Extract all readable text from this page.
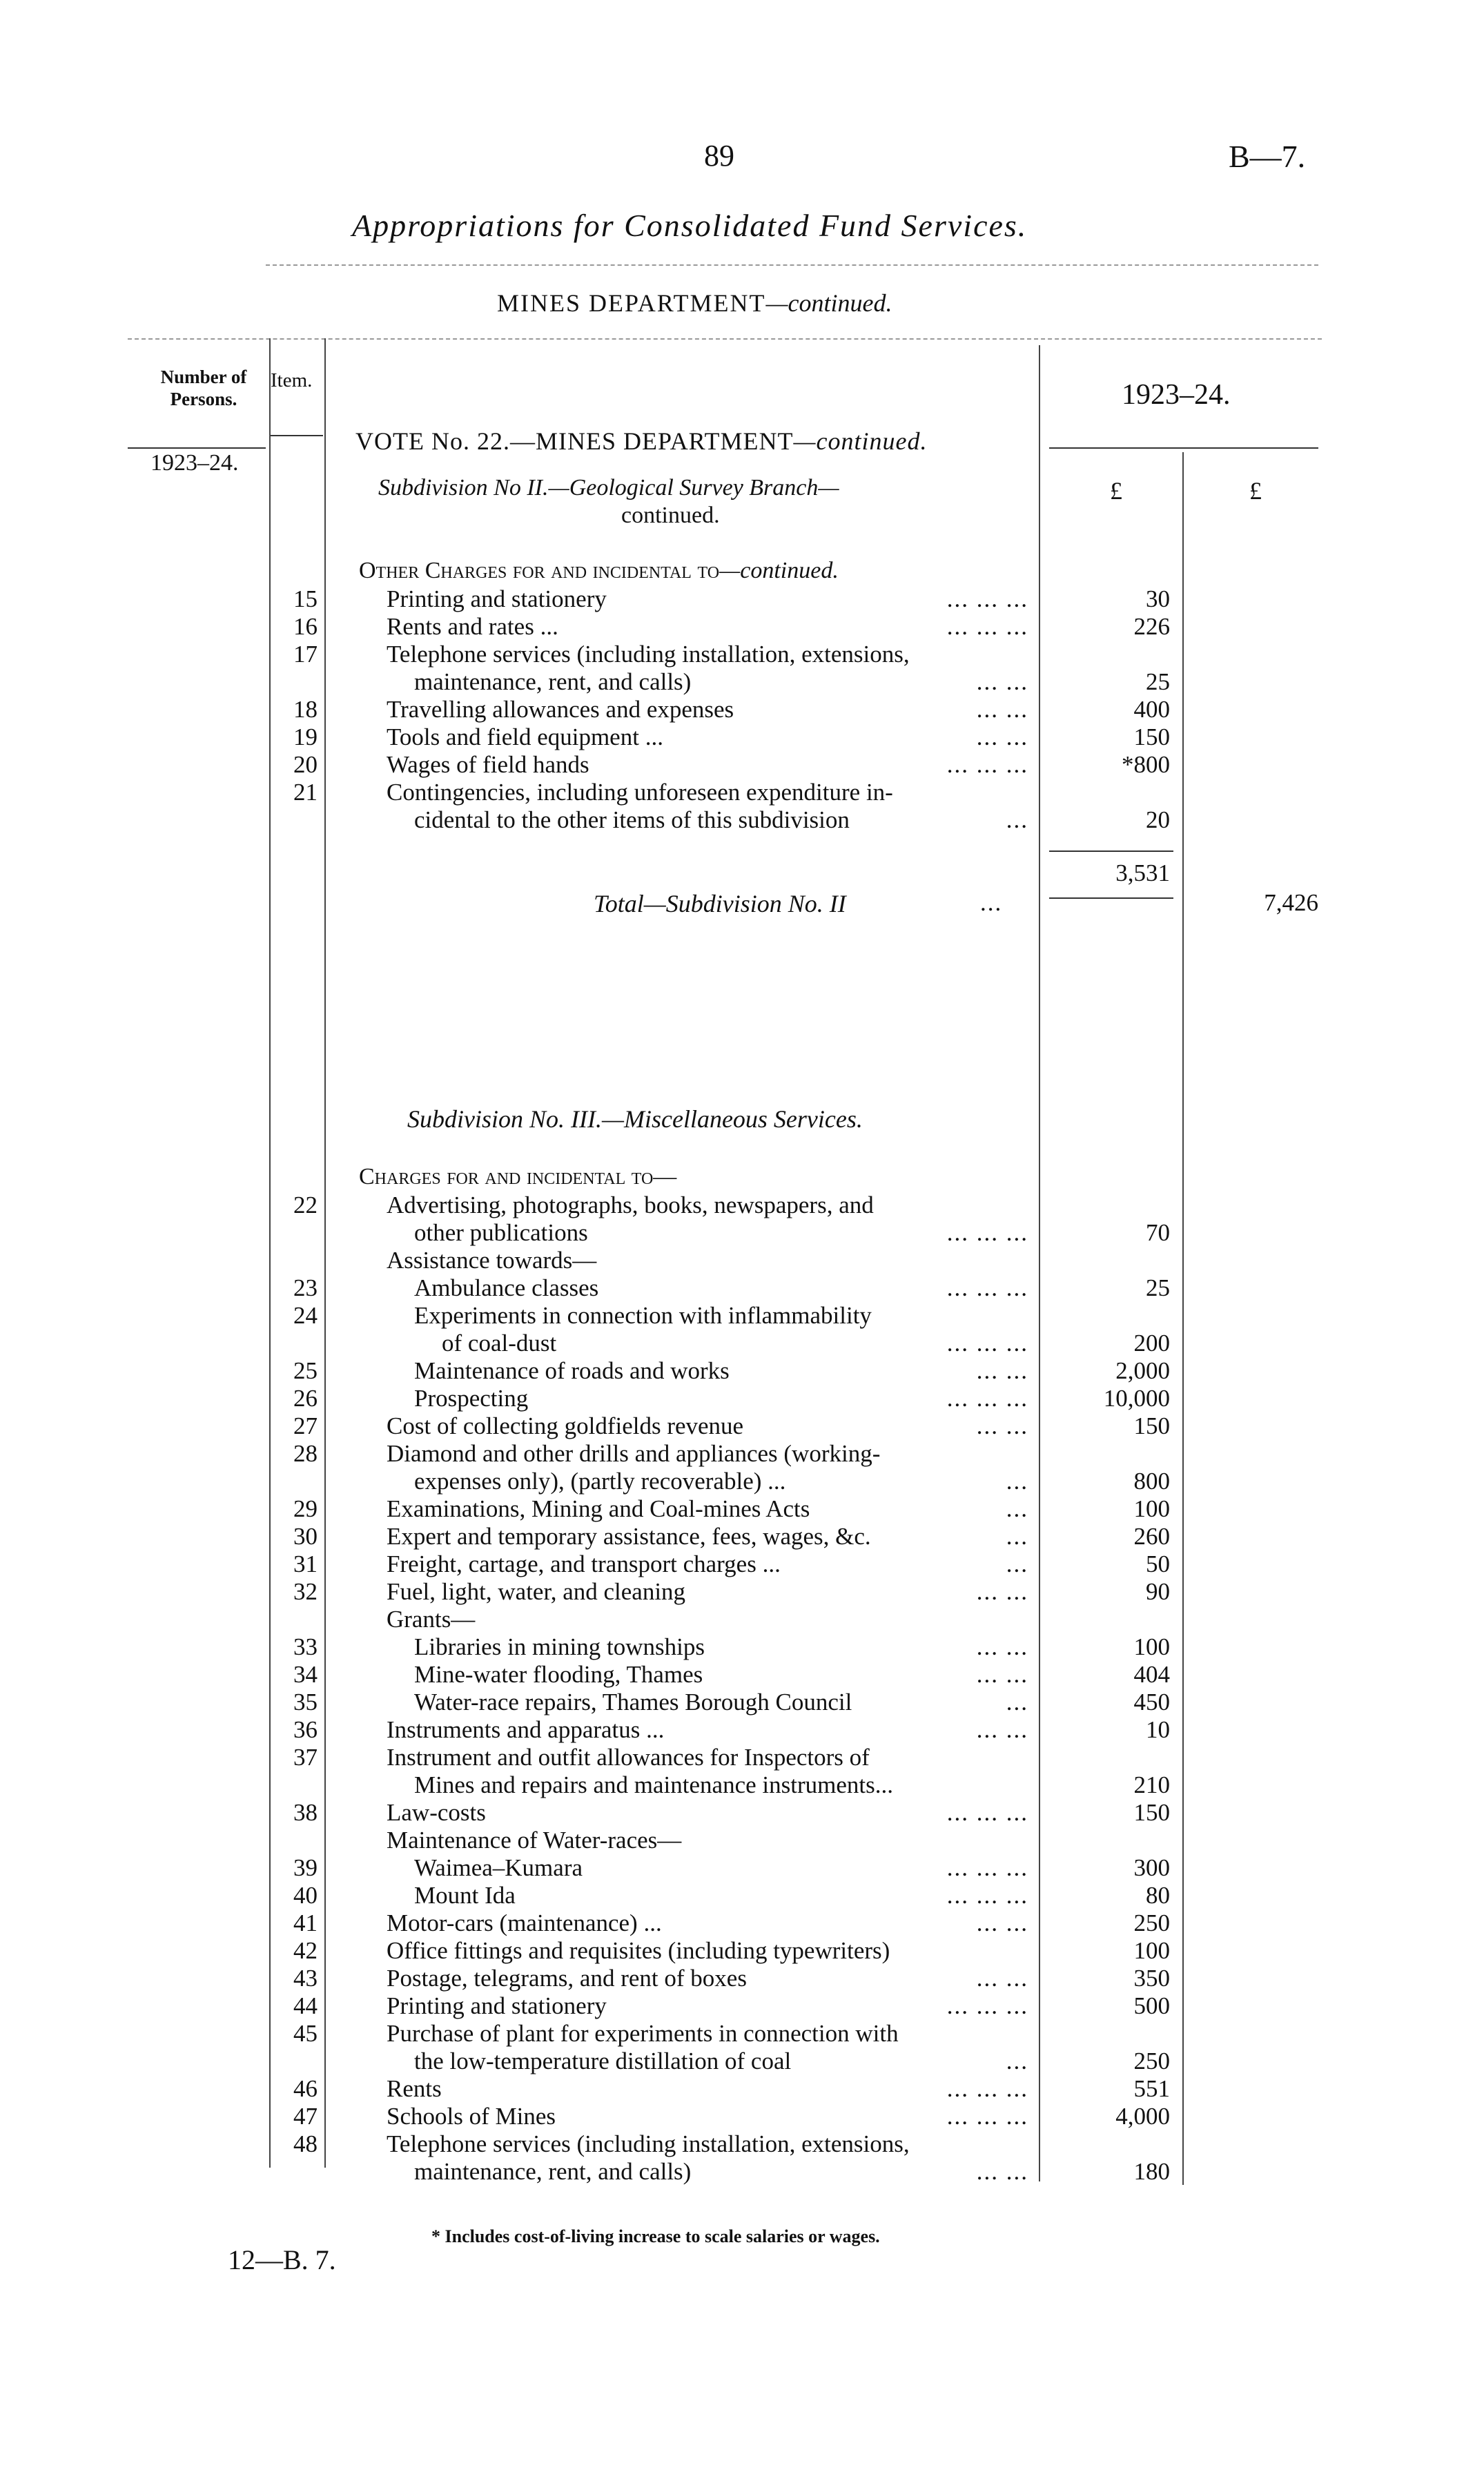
89	B—7.
Appropriations for Consolidated Fund Services.
MINES DEPARTMENT—continued.
Number of Persons.
Item.	1923–24.
1923–24.
VOTE No. 22.—MINES DEPARTMENT—continued.
Subdivision No II.—Geological Survey Branch—
continued.
£	£
Other Charges for and incidental to—continued.
15	Printing and stationery	... ... ...	30
16	Rents and rates ...	... ... ...	226
17	Telephone services (including installation, extensions,
maintenance, rent, and calls)	... ...	25
18	Travelling allowances and expenses	... ...	400
19	Tools and field equipment ...	... ...	150
20	Wages of field hands	... ... ...	*800
21	Contingencies, including unforeseen expenditure in-
cidental to the other items of this subdivision	...	20
3,531
Total—Subdivision No. II	...	7,426
Subdivision No. III.—Miscellaneous Services.
Charges for and incidental to—
22	Advertising, photographs, books, newspapers, and
other publications	... ... ...	70
Assistance towards—
23	Ambulance classes	... ... ...	25
24	Experiments in connection with inflammability
of coal-dust	... ... ...	200
25	Maintenance of roads and works	... ...	2,000
26	Prospecting	... ... ...	10,000
27	Cost of collecting goldfields revenue	... ...	150
28	Diamond and other drills and appliances (working-
expenses only), (partly recoverable) ...	...	800
29	Examinations, Mining and Coal-mines Acts	...	100
30	Expert and temporary assistance, fees, wages, &c.	...	260
31	Freight, cartage, and transport charges ...	...	50
32	Fuel, light, water, and cleaning	... ...	90
Grants—
33	Libraries in mining townships	... ...	100
34	Mine-water flooding, Thames	... ...	404
35	Water-race repairs, Thames Borough Council	...	450
36	Instruments and apparatus ...	... ...	10
37	Instrument and outfit allowances for Inspectors of
Mines and repairs and maintenance instruments...	210
38	Law-costs	... ... ...	150
Maintenance of Water-races—
39	Waimea–Kumara	... ... ...	300
40	Mount Ida	... ... ...	80
41	Motor-cars (maintenance) ...	... ...	250
42	Office fittings and requisites (including typewriters)	100
43	Postage, telegrams, and rent of boxes	... ...	350
44	Printing and stationery	... ... ...	500
45	Purchase of plant for experiments in connection with
the low-temperature distillation of coal	...	250
46	Rents	... ... ...	551
47	Schools of Mines	... ... ...	4,000
48	Telephone services (including installation, extensions,
maintenance, rent, and calls)	... ...	180
* Includes cost-of-living increase to scale salaries or wages.
12—B. 7.
